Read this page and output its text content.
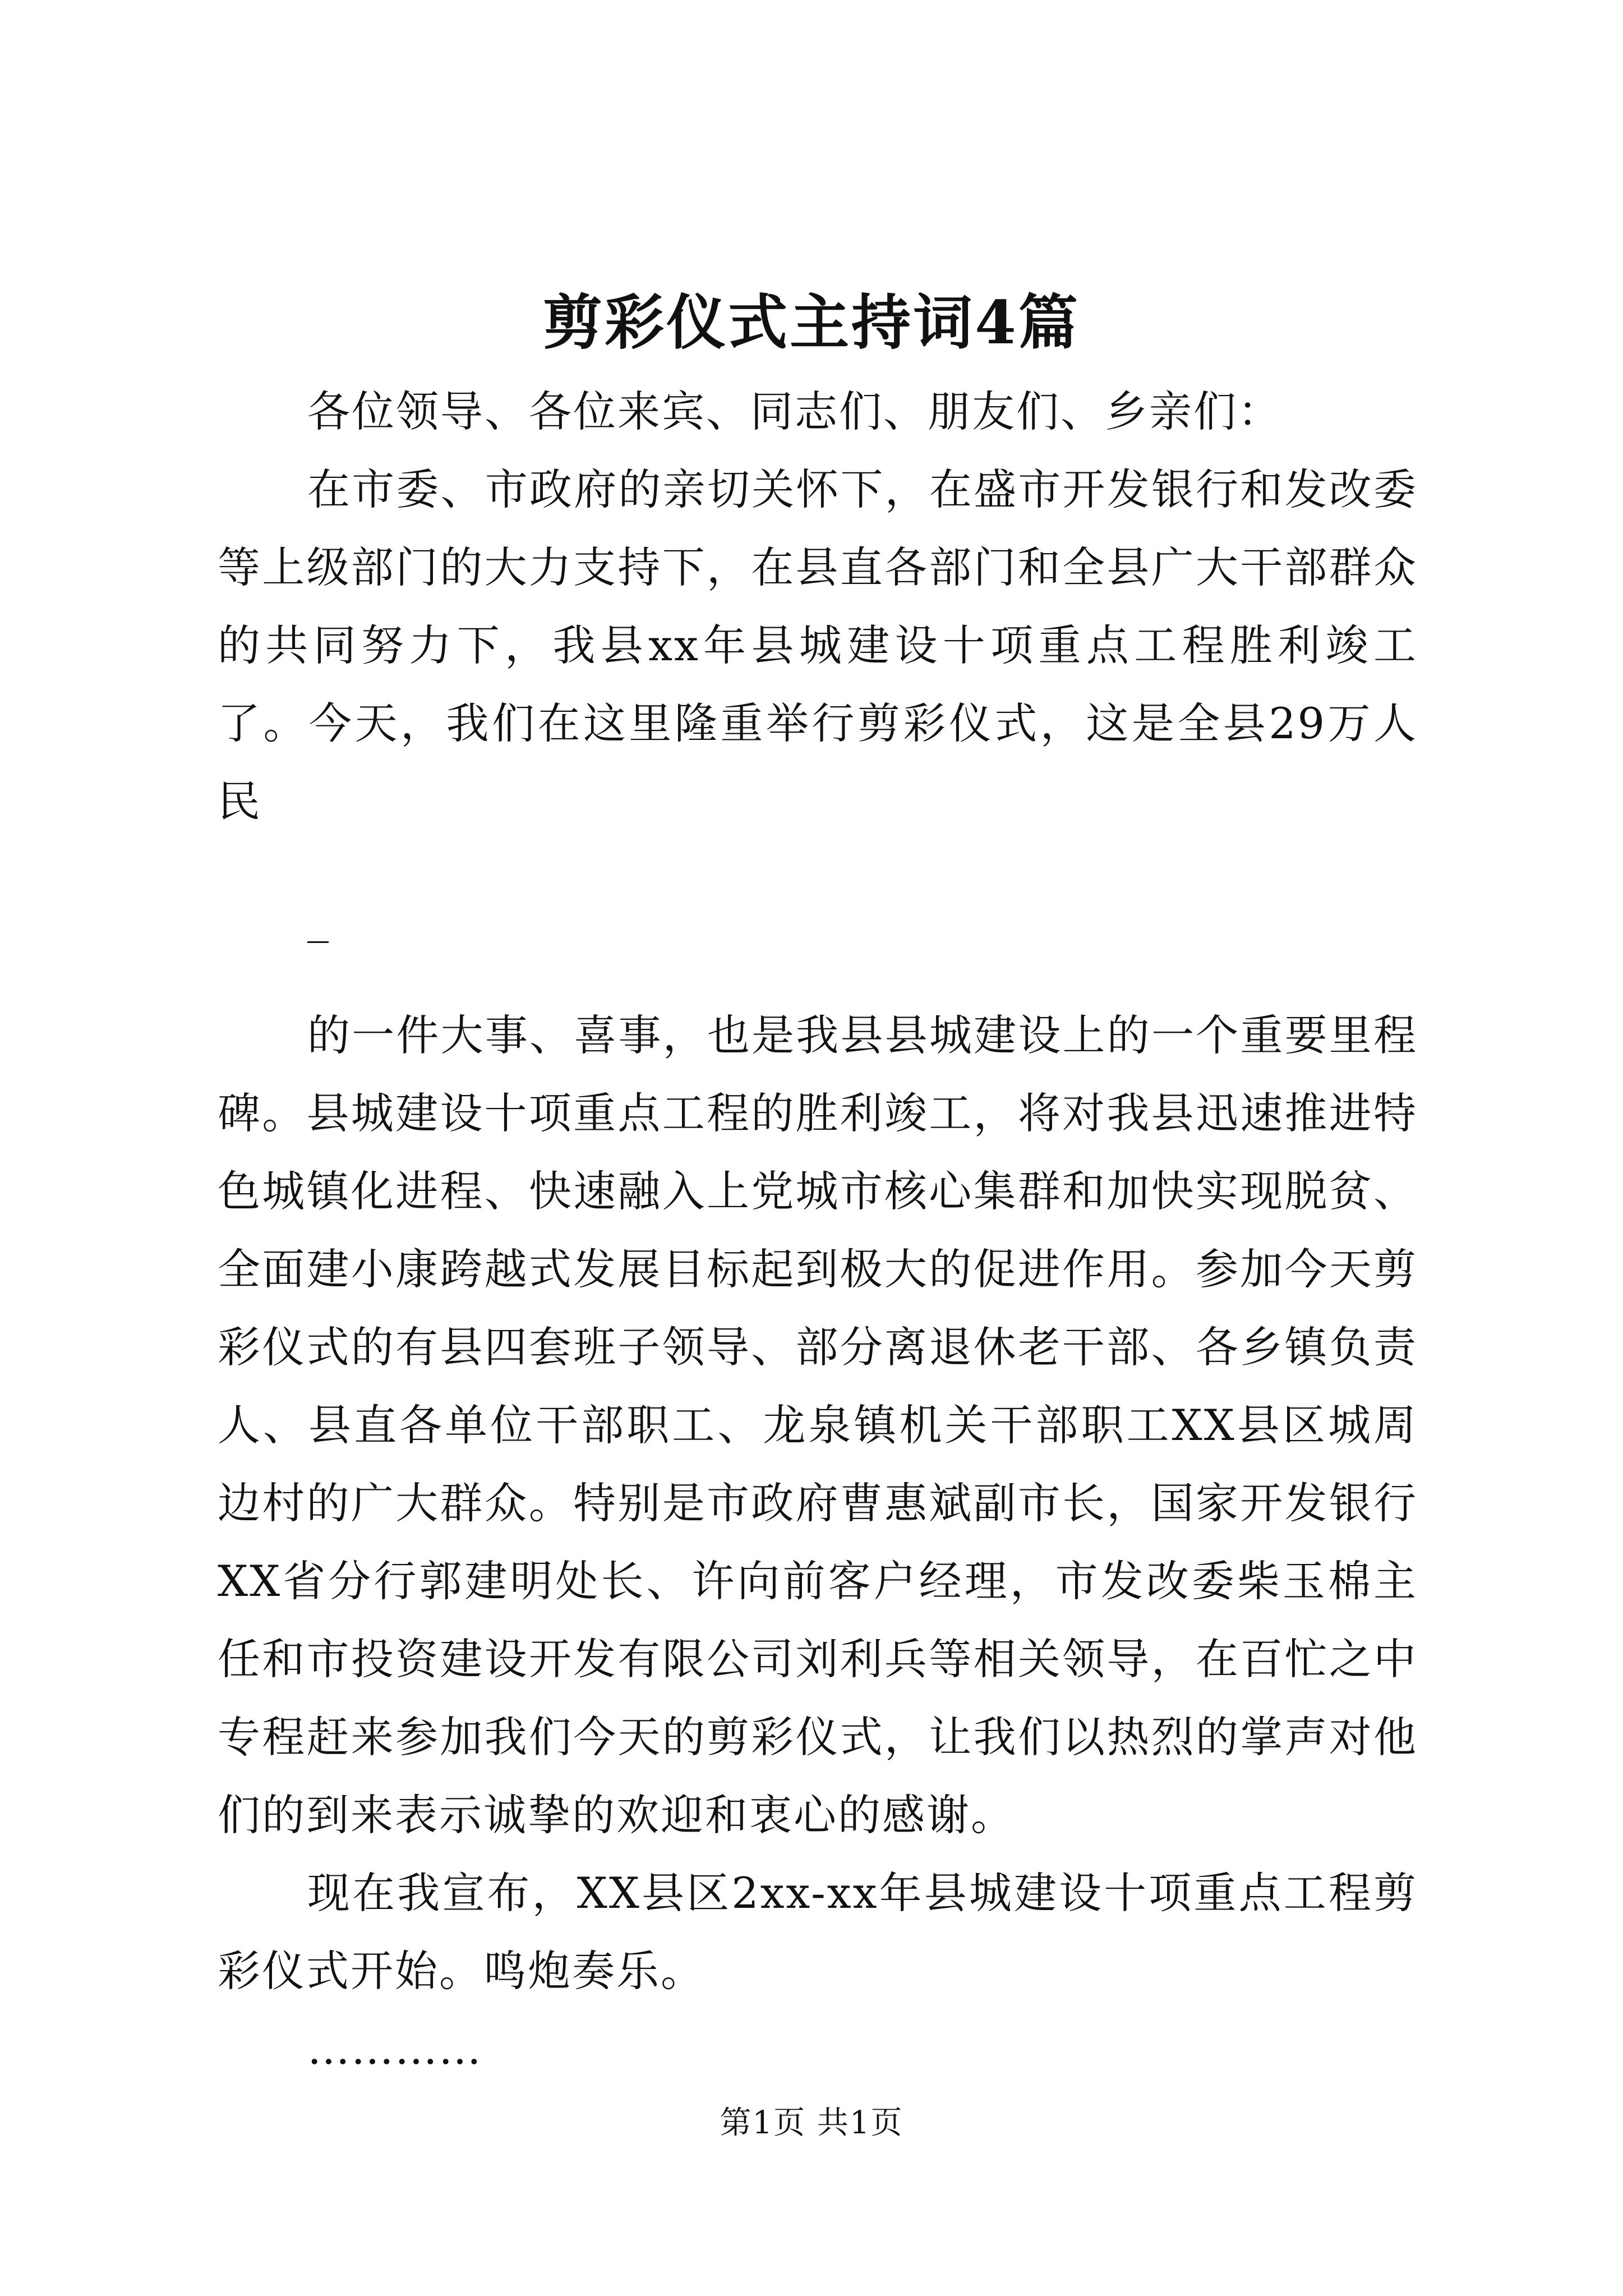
剪彩仪式主持词4篇

各位领导、各位来宾、同志们、朋友们、乡亲们：

在市委、市政府的亲切关怀下，在盛市开发银行和发改委等上级部门的大力支持下，在县直各部门和全县广大干部群众的共同努力下，我县xx年县城建设十项重点工程胜利竣工了。今天，我们在这里隆重举行剪彩仪式，这是全县29万人民

_

的一件大事、喜事，也是我县县城建设上的一个重要里程碑。县城建设十项重点工程的胜利竣工，将对我县迅速推进特色城镇化进程、快速融入上党城市核心集群和加快实现脱贫、全面建小康跨越式发展目标起到极大的促进作用。参加今天剪彩仪式的有县四套班子领导、部分离退休老干部、各乡镇负责人、县直各单位干部职工、龙泉镇机关干部职工XX县区城周边村的广大群众。特别是市政府曹惠斌副市长，国家开发银行XX省分行郭建明处长、许向前客户经理，市发改委柴玉棉主任和市投资建设开发有限公司刘利兵等相关领导，在百忙之中专程赶来参加我们今天的剪彩仪式，让我们以热烈的掌声对他们的到来表示诚挚的欢迎和衷心的感谢。

现在我宣布，XX县区2xx-xx年县城建设十项重点工程剪彩仪式开始。鸣炮奏乐。

…………

第1页 共1页
